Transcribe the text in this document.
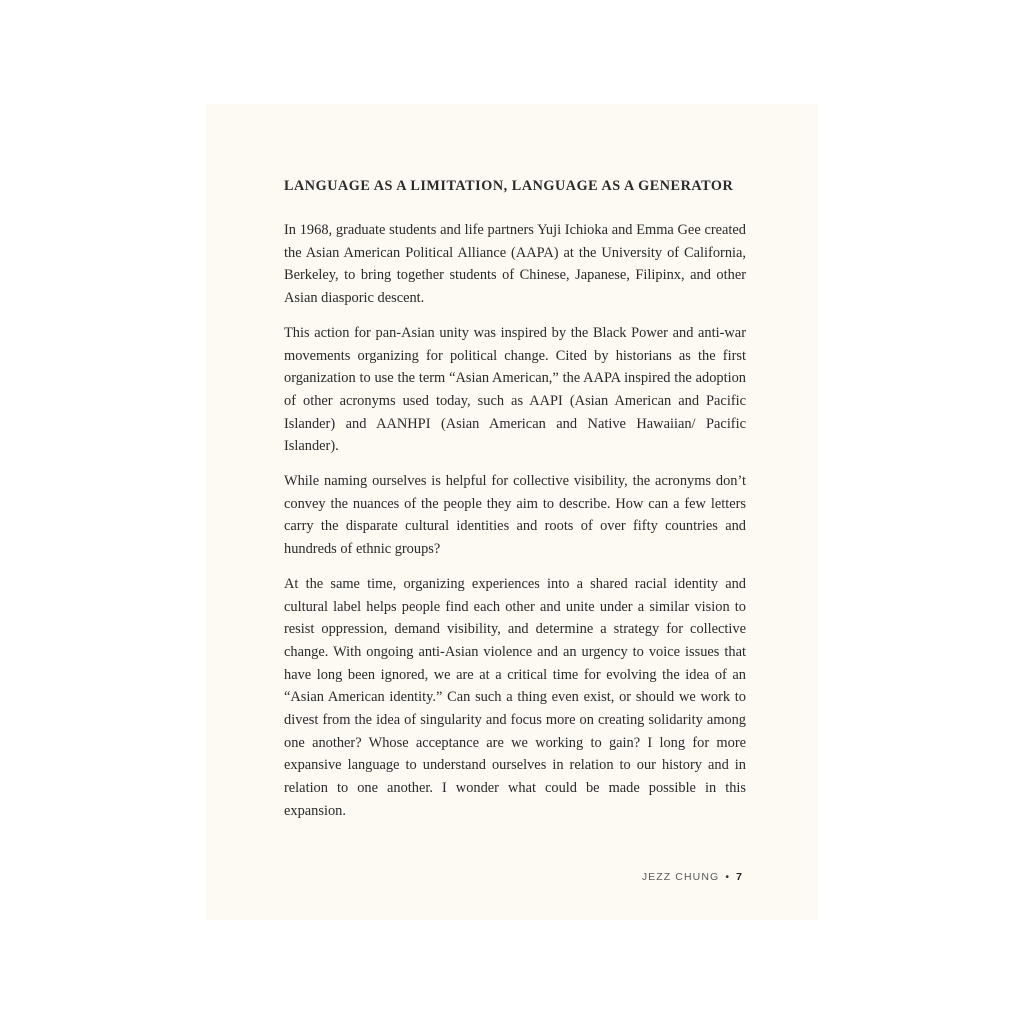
LANGUAGE AS A LIMITATION, LANGUAGE AS A GENERATOR

In 1968, graduate students and life partners Yuji Ichioka and Emma Gee created the Asian American Political Alliance (AAPA) at the University of California, Berkeley, to bring together students of Chinese, Japanese, Filipinx, and other Asian diasporic descent.

This action for pan-Asian unity was inspired by the Black Power and anti-war movements organizing for political change. Cited by historians as the first organization to use the term “Asian American,” the AAPA inspired the adoption of other acronyms used today, such as AAPI (Asian American and Pacific Islander) and AANHPI (Asian American and Native Hawaiian/ Pacific Islander).

While naming ourselves is helpful for collective visibility, the acronyms don’t convey the nuances of the people they aim to describe. How can a few letters carry the disparate cultural identities and roots of over fifty countries and hundreds of ethnic groups?

At the same time, organizing experiences into a shared racial identity and cultural label helps people find each other and unite under a similar vision to resist oppression, demand visibility, and determine a strategy for collective change. With ongoing anti-Asian violence and an urgency to voice issues that have long been ignored, we are at a critical time for evolving the idea of an “Asian American identity.” Can such a thing even exist, or should we work to divest from the idea of singularity and focus more on creating solidarity among one another? Whose acceptance are we working to gain? I long for more expansive language to understand ourselves in relation to our history and in relation to one another. I wonder what could be made possible in this expansion.

JEZZ CHUNG • 7
